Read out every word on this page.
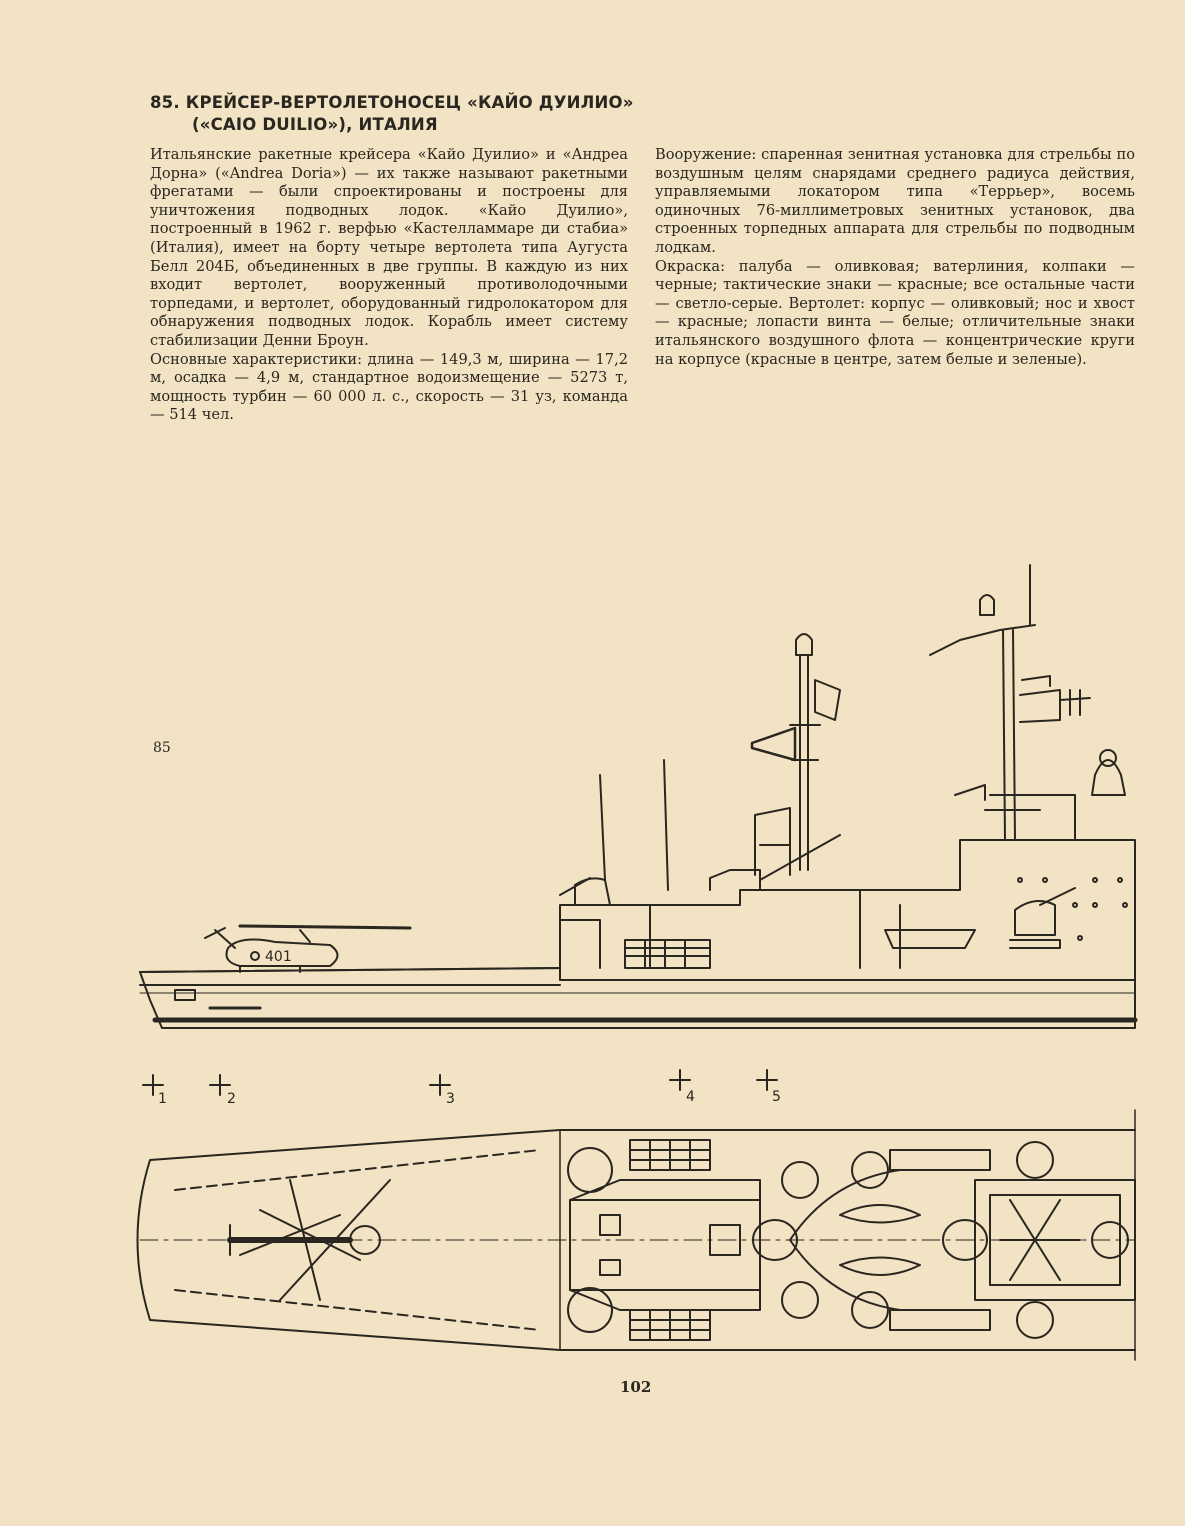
85. КРЕЙСЕР-ВЕРТОЛЕТОНОСЕЦ «КАЙО ДУИЛИО»
(«CAIO DUILIO»), ИТАЛИЯ

Итальянские ракетные крейсера «Кайо Дуилио» и «Андреа Дорна» («Andrea Doria») — их также называют ракетными фрегатами — были спроектированы и построены для уничтожения подводных лодок. «Кайо Дуилио», построенный в 1962 г. верфью «Кастелламмаре ди стабиа» (Италия), имеет на борту четыре вертолета типа Аугуста Белл 204Б, объединенных в две группы. В каждую из них входит вертолет, вооруженный противолодочными торпедами, и вертолет, оборудованный гидролокатором для обнаружения подводных лодок. Корабль имеет систему стабилизации Денни Броун.

Основные характеристики: длина — 149,3 м, ширина — 17,2 м, осадка — 4,9 м, стандартное водоизмещение — 5273 т, мощность турбин — 60 000 л. с., скорость — 31 уз, команда — 514 чел.

Вооружение: спаренная зенитная установка для стрельбы по воздушным целям снарядами среднего радиуса действия, управляемыми локатором типа «Террьер», восемь одиночных 76-миллиметровых зенитных установок, два строенных торпедных аппарата для стрельбы по подводным лодкам.

Окраска: палуба — оливковая; ватерлиния, колпаки — черные; тактические знаки — красные; все остальные части — светло-серые. Вертолет: корпус — оливковый; нос и хвост — красные; лопасти винта — белые; отличительные знаки итальянского воздушного флота — концентрические круги на корпусе (красные в центре, затем белые и зеленые).

85
401
1	2	3	4	5
102
